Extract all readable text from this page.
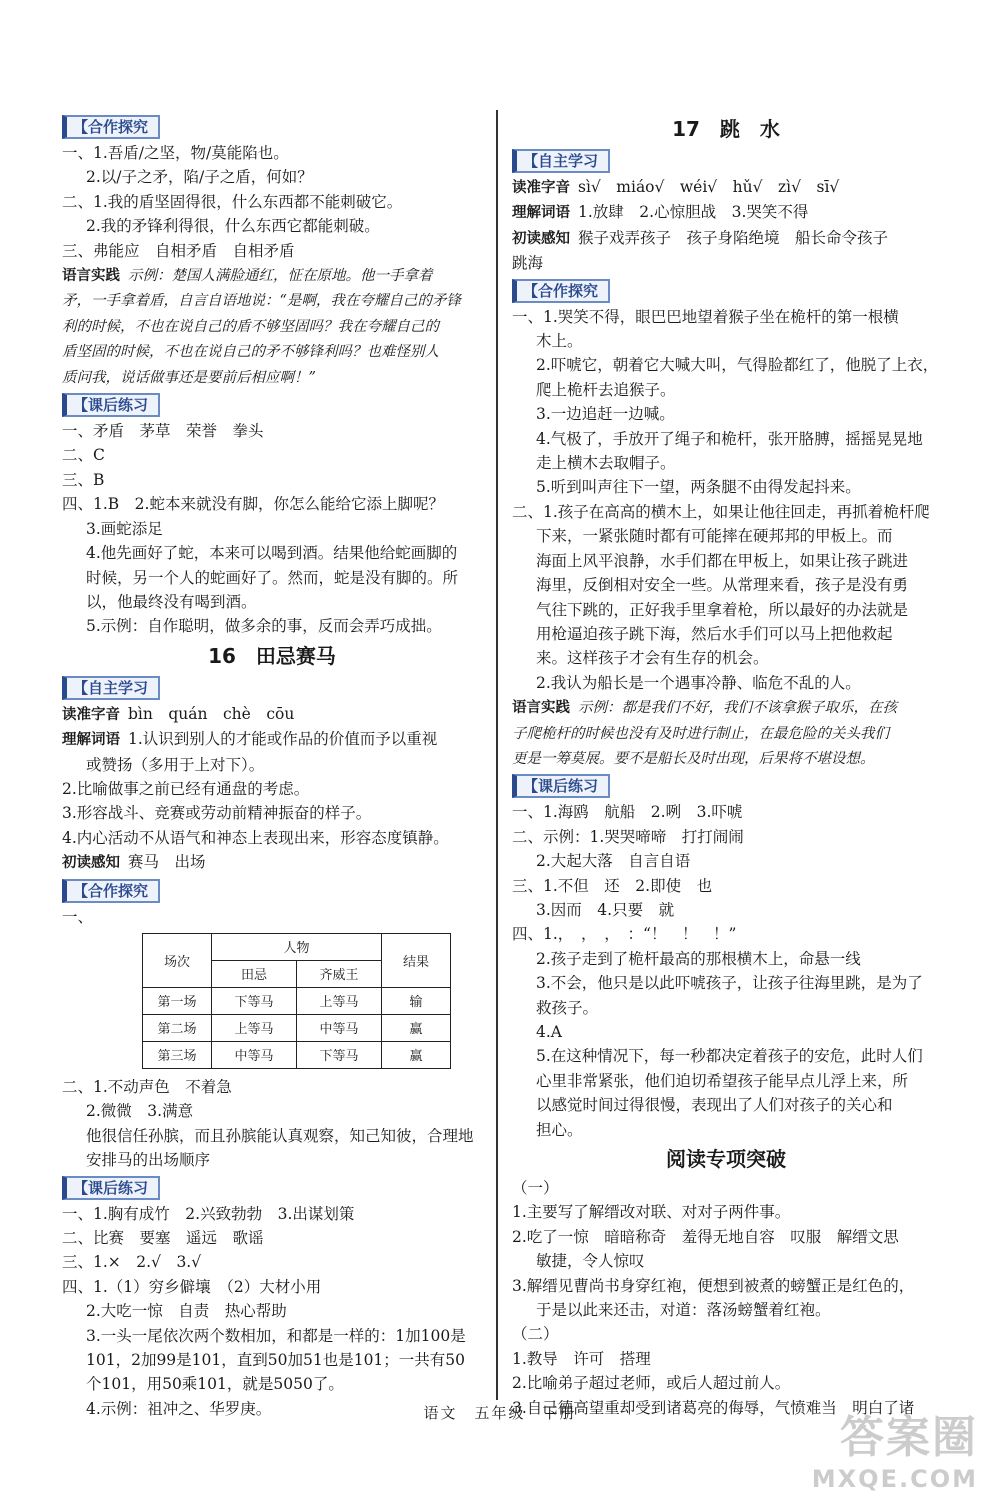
【合作探究
一、1.吾盾/之坚，物/莫能陷也。
2.以/子之矛，陷/子之盾，何如？
二、1.我的盾坚固得很，什么东西都不能刺破它。
2.我的矛锋利得很，什么东西它都能刺破。
三、弗能应　自相矛盾　自相矛盾
语言实践 示例：楚国人满脸通红，怔在原地。他一手拿着
矛，一手拿着盾，自言自语地说：“是啊，我在夸耀自己的矛锋
利的时候，不也在说自己的盾不够坚固吗？我在夸耀自己的
盾坚固的时候，不也在说自己的矛不够锋利吗？也难怪别人
质问我，说话做事还是要前后相应啊！”
【课后练习
一、矛盾　茅草　荣誉　拳头
二、C
三、B
四、1.B　2.蛇本来就没有脚，你怎么能给它添上脚呢？
3.画蛇添足
4.他先画好了蛇，本来可以喝到酒。结果他给蛇画脚的
时候，另一个人的蛇画好了。然而，蛇是没有脚的。所
以，他最终没有喝到酒。
5.示例：自作聪明，做多余的事，反而会弄巧成拙。
16　田忌赛马
【自主学习
读准字音 bìn　quán　chè　cōu
理解词语 1.认识到别人的才能或作品的价值而予以重视
或赞扬（多用于上对下）。
2.比喻做事之前已经有通盘的考虑。
3.形容战斗、竞赛或劳动前精神振奋的样子。
4.内心活动不从语气和神态上表现出来，形容态度镇静。
初读感知 赛马　出场
【合作探究
一、
场次	人物		结果
	田忌	齐威王	
第一场	下等马	上等马	输
第二场	上等马	中等马	赢
第三场	中等马	下等马	赢
二、1.不动声色　不着急
2.微微　3.满意
他很信任孙膑，而且孙膑能认真观察，知己知彼，合理地
安排马的出场顺序
【课后练习
一、1.胸有成竹　2.兴致勃勃　3.出谋划策
二、比赛　要塞　遥远　歌谣
三、1.×　2.√　3.√
四、1.（1）穷乡僻壤　（2）大材小用
2.大吃一惊　自责　热心帮助
3.一头一尾依次两个数相加，和都是一样的：1加100是
101，2加99是101，直到50加51也是101；一共有50
个101，用50乘101，就是5050了。
4.示例：祖冲之、华罗庚。
17　跳　水
【自主学习
读准字音 sì√　miáo√　wéi√　hǔ√　zì√　sī√
理解词语 1.放肆　2.心惊胆战　3.哭笑不得
初读感知 猴子戏弄孩子　孩子身陷绝境　船长命令孩子
跳海
【合作探究
一、1.哭笑不得，眼巴巴地望着猴子坐在桅杆的第一根横
木上。
2.吓唬它，朝着它大喊大叫，气得脸都红了，他脱了上衣，
爬上桅杆去追猴子。
3.一边追赶一边喊。
4.气极了，手放开了绳子和桅杆，张开胳膊，摇摇晃晃地
走上横木去取帽子。
5.听到叫声往下一望，两条腿不由得发起抖来。
二、1.孩子在高高的横木上，如果让他往回走，再抓着桅杆爬
下来，一紧张随时都有可能摔在硬邦邦的甲板上。而
海面上风平浪静，水手们都在甲板上，如果让孩子跳进
海里，反倒相对安全一些。从常理来看，孩子是没有勇
气往下跳的，正好我手里拿着枪，所以最好的办法就是
用枪逼迫孩子跳下海，然后水手们可以马上把他救起
来。这样孩子才会有生存的机会。
2.我认为船长是一个遇事冷静、临危不乱的人。
语言实践 示例：都是我们不好，我们不该拿猴子取乐，在孩
子爬桅杆的时候也没有及时进行制止，在最危险的关头我们
更是一筹莫展。要不是船长及时出现，后果将不堪设想。
【课后练习
一、1.海鸥　航船　2.咧　3.吓唬
二、示例：1.哭哭啼啼　打打闹闹
2.大起大落　自言自语
三、1.不但　还　2.即使　也
3.因而　4.只要　就
四、1.，　，　，　：“！　！　！”
2.孩子走到了桅杆最高的那根横木上，命悬一线
3.不会，他只是以此吓唬孩子，让孩子往海里跳，是为了
救孩子。
4.A
5.在这种情况下，每一秒都决定着孩子的安危，此时人们
心里非常紧张，他们迫切希望孩子能早点儿浮上来，所
以感觉时间过得很慢，表现出了人们对孩子的关心和
担心。
阅读专项突破
（一）
1.主要写了解缙改对联、对对子两件事。
2.吃了一惊　暗暗称奇　羞得无地自容　叹服　解缙文思
敏捷，令人惊叹
3.解缙见曹尚书身穿红袍，便想到被煮的螃蟹正是红色的，
于是以此来还击，对道：落汤螃蟹着红袍。
（二）
1.教导　许可　搭理
2.比喻弟子超过老师，或后人超过前人。
3.自己德高望重却受到诸葛亮的侮辱，气愤难当　明白了诸
语文　五年级　下册	答案圈
MXQE.COM
